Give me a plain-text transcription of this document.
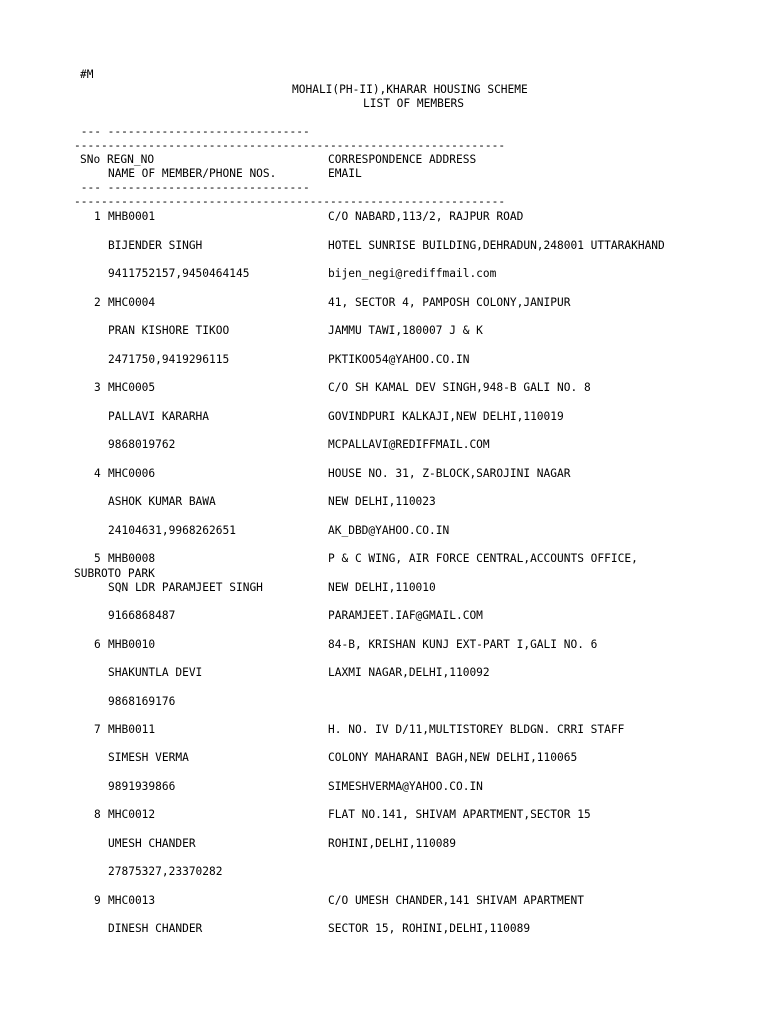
#M
MOHALI(PH-II),KHARAR HOUSING SCHEME
LIST OF MEMBERS
--- ------------------------------
----------------------------------------------------------------
SNo REGN_NO	CORRESPONDENCE ADDRESS
NAME OF MEMBER/PHONE NOS.	EMAIL
--- ------------------------------
----------------------------------------------------------------
1 MHB0001	C/O NABARD,113/2, RAJPUR ROAD
BIJENDER SINGH	HOTEL SUNRISE BUILDING,DEHRADUN,248001 UTTARAKHAND
9411752157,9450464145	bijen_negi@rediffmail.com
2 MHC0004	41, SECTOR 4, PAMPOSH COLONY,JANIPUR
PRAN KISHORE TIKOO	JAMMU TAWI,180007 J & K
2471750,9419296115	PKTIKOO54@YAHOO.CO.IN
3 MHC0005	C/O SH KAMAL DEV SINGH,948-B GALI NO. 8
PALLAVI KARARHA	GOVINDPURI KALKAJI,NEW DELHI,110019
9868019762	MCPALLAVI@REDIFFMAIL.COM
4 MHC0006	HOUSE NO. 31, Z-BLOCK,SAROJINI NAGAR
ASHOK KUMAR BAWA	NEW DELHI,110023
24104631,9968262651	AK_DBD@YAHOO.CO.IN
5 MHB0008	P & C WING, AIR FORCE CENTRAL,ACCOUNTS OFFICE,
SUBROTO PARK
SQN LDR PARAMJEET SINGH	NEW DELHI,110010
9166868487	PARAMJEET.IAF@GMAIL.COM
6 MHB0010	84-B, KRISHAN KUNJ EXT-PART I,GALI NO. 6
SHAKUNTLA DEVI	LAXMI NAGAR,DELHI,110092
9868169176
7 MHB0011	H. NO. IV D/11,MULTISTOREY BLDGN. CRRI STAFF
SIMESH VERMA	COLONY MAHARANI BAGH,NEW DELHI,110065
9891939866	SIMESHVERMA@YAHOO.CO.IN
8 MHC0012	FLAT NO.141, SHIVAM APARTMENT,SECTOR 15
UMESH CHANDER	ROHINI,DELHI,110089
27875327,23370282
9 MHC0013	C/O UMESH CHANDER,141 SHIVAM APARTMENT
DINESH CHANDER	SECTOR 15, ROHINI,DELHI,110089
